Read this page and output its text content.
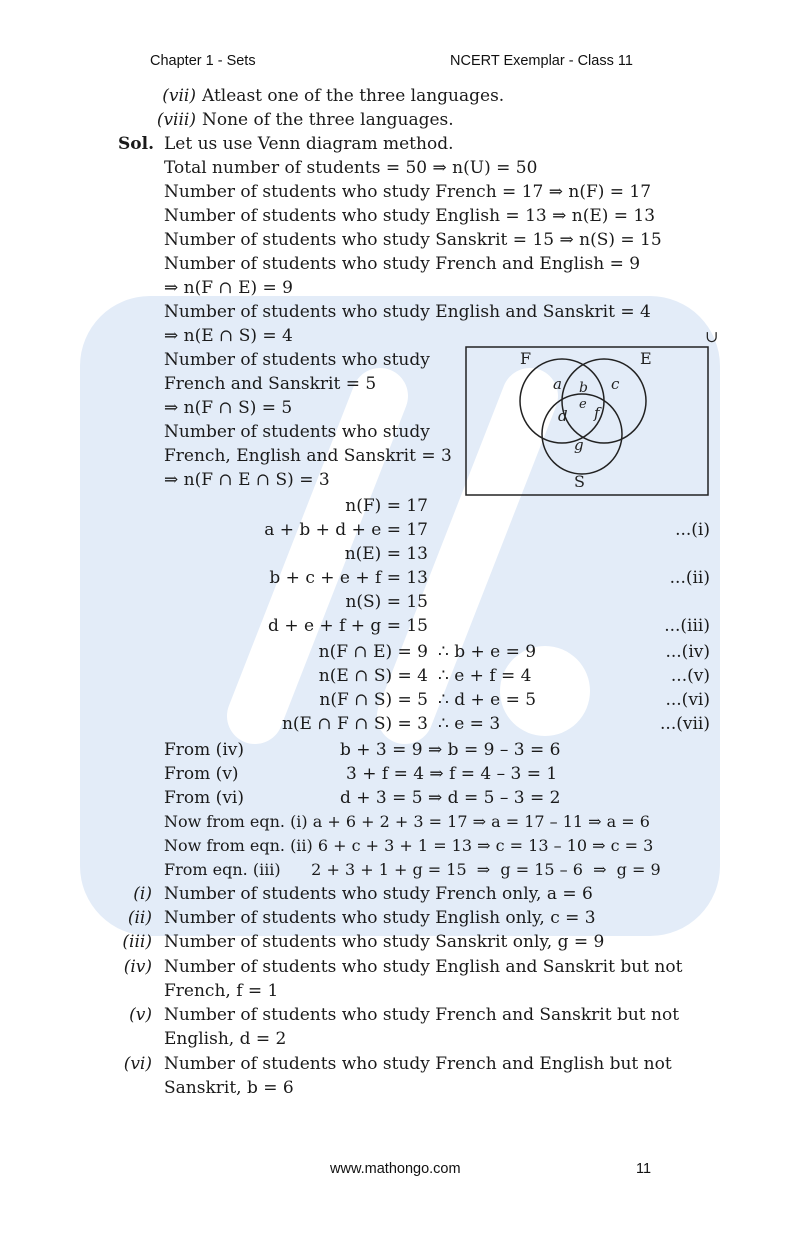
Chapter 1 - Sets	NCERT Exemplar - Class 11
(vii) Atleast one of the three languages.
(viii) None of the three languages.
Sol. Let us use Venn diagram method.
Total number of students = 50 ⇒ n(U) = 50
Number of students who study French = 17 ⇒ n(F) = 17
Number of students who study English = 13 ⇒ n(E) = 13
Number of students who study Sanskrit = 15 ⇒ n(S) = 15
Number of students who study French and English = 9
⇒ n(F ∩ E) = 9
Number of students who study English and Sanskrit = 4
⇒ n(E ∩ S) = 4
Number of students who study
French and Sanskrit = 5
⇒ n(F ∩ S) = 5
Number of students who study
French, English and Sanskrit = 3
⇒ n(F ∩ E ∩ S) = 3
∪
F	E
S
a b c
d
e f
g
n(F) = 17
a + b + d + e = 17	...(i)
n(E) = 13
b + c + e + f = 13	...(ii)
n(S) = 15
d + e + f + g = 15	...(iii)
n(F ∩ E) = 9 ∴ b + e = 9	...(iv)
n(E ∩ S) = 4 ∴ e + f = 4	...(v)
n(F ∩ S) = 5 ∴ d + e = 5	...(vi)
n(E ∩ F ∩ S) = 3 ∴ e = 3	...(vii)
From (iv)	b + 3 = 9 ⇒ b = 9 – 3 = 6
From (v)	3 + f = 4 ⇒ f = 4 – 3 = 1
From (vi)	d + 3 = 5 ⇒ d = 5 – 3 = 2
Now from eqn. (i) a + 6 + 2 + 3 = 17 ⇒ a = 17 – 11 ⇒ a = 6
Now from eqn. (ii) 6 + c + 3 + 1 = 13 ⇒ c = 13 – 10 ⇒ c = 3
From eqn. (iii)      2 + 3 + 1 + g = 15  ⇒  g = 15 – 6  ⇒  g = 9
(i) Number of students who study French only, a = 6
(ii) Number of students who study English only, c = 3
(iii) Number of students who study Sanskrit only, g = 9
(iv) Number of students who study English and Sanskrit but not
French, f = 1
(v) Number of students who study French and Sanskrit but not
English, d = 2
(vi) Number of students who study French and English but not
Sanskrit, b = 6
www.mathongo.com	11
